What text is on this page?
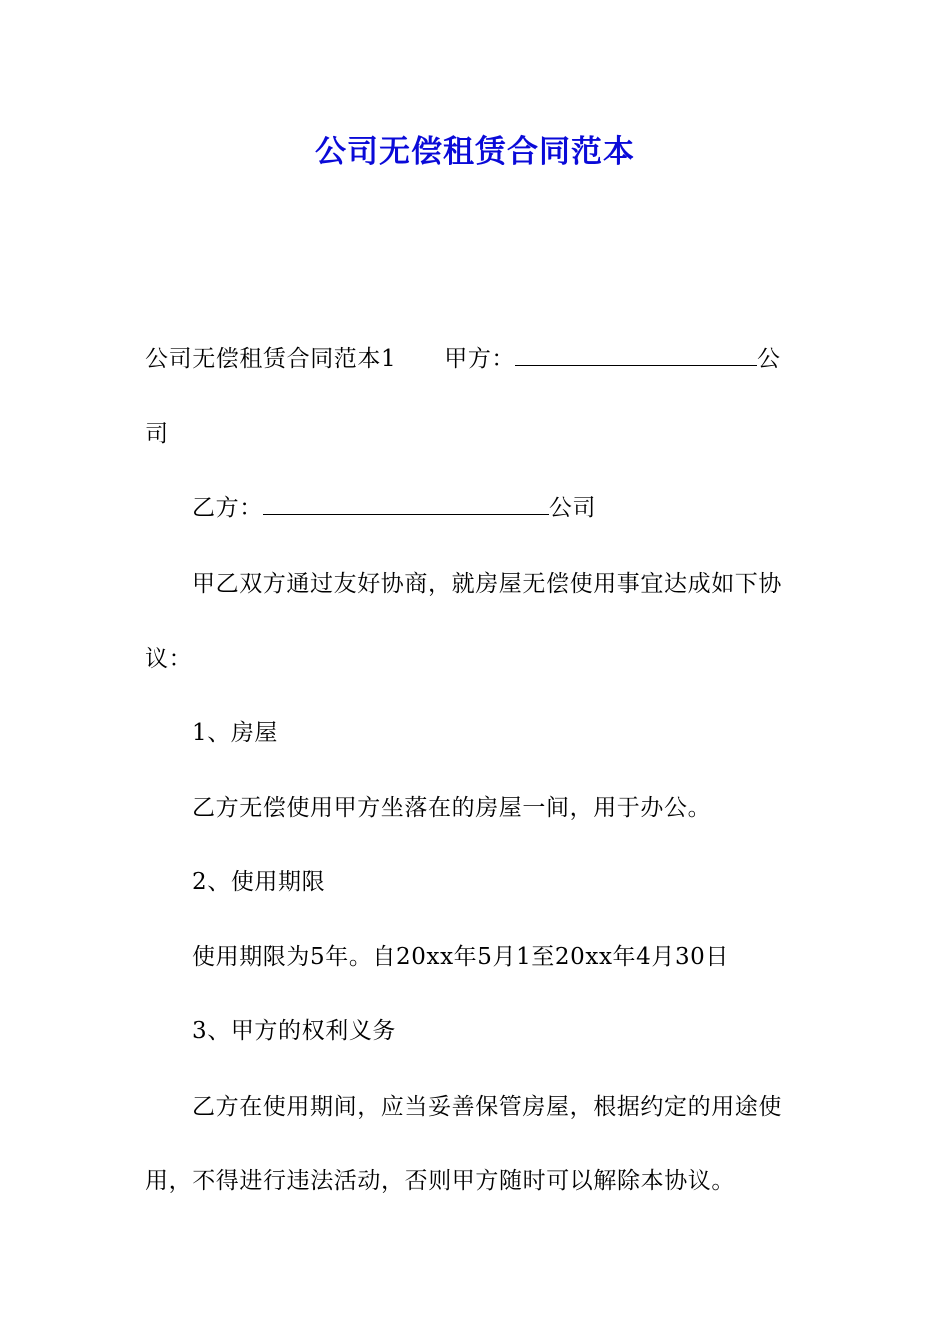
公司无偿租赁合同范本
公司无偿租赁合同范本1 甲方：	公
司
乙方：	公司
甲乙双方通过友好协商，就房屋无偿使用事宜达成如下协
议：
1、房屋
乙方无偿使用甲方坐落在的房屋一间，用于办公。
2、使用期限
使用期限为5年。自20xx年5月1至20xx年4月30日
3、甲方的权利义务
乙方在使用期间，应当妥善保管房屋，根据约定的用途使
用，不得进行违法活动，否则甲方随时可以解除本协议。
